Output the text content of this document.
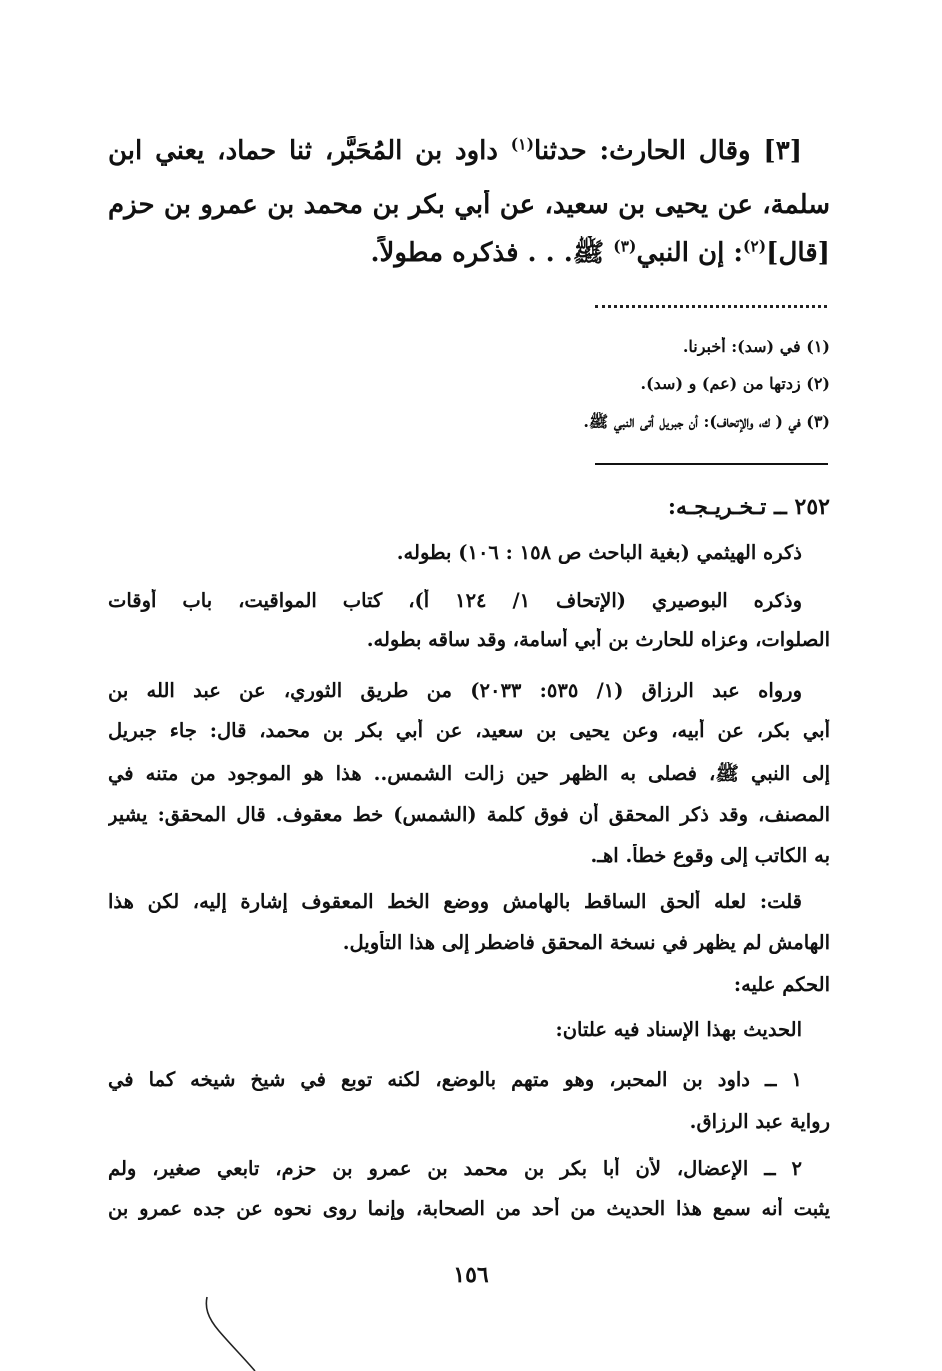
[٣] وقال الحارث: حدثنا$^{(١)}$ داود بن المُحَبَّر، ثنا حماد، يعني ابن

سلمة، عن يحيى بن سعيد، عن أبي بكر بن محمد بن عمرو بن حزم

[قال]$^{(٢)}$: إن النبي$^{(٣)}$ ﷺ. . . فذكره مطولاً.

(١) في (سد): أخبرنا.

(٢) زدتها من (عم) و (سد).

(٣) في ( ك، والإتحاف): أن جبريل أتى النبي ﷺ.

٢٥٢ ــ تـخـريـجـه:

ذكره الهيثمي (بغية الباحث ص ١٥٨ : ١٠٦) بطوله.

وذكره البوصيري (الإتحاف ١/ ١٢٤ أ)، كتاب المواقيت، باب أوقات

الصلوات، وعزاه للحارث بن أبي أسامة، وقد ساقه بطوله.

ورواه عبد الرزاق (١/ ٥٣٥: ٢٠٣٣) من طريق الثوري، عن عبد الله بن

أبي بكر، عن أبيه، وعن يحيى بن سعيد، عن أبي بكر بن محمد، قال: جاء جبريل

إلى النبي ﷺ، فصلى به الظهر حين زالت الشمس.. هذا هو الموجود من متنه في

المصنف، وقد ذكر المحقق أن فوق كلمة (الشمس) خط معقوف. قال المحقق: يشير

به الكاتب إلى وقوع خطأ. اهـ.

قلت: لعله ألحق الساقط بالهامش ووضع الخط المعقوف إشارة إليه، لكن هذا

الهامش لم يظهر في نسخة المحقق فاضطر إلى هذا التأويل.

الحكم عليه:

الحديث بهذا الإسناد فيه علتان:

١ ــ داود بن المحبر، وهو متهم بالوضع، لكنه توبع في شيخ شيخه كما في

رواية عبد الرزاق.

٢ ــ الإعضال، لأن أبا بكر بن محمد بن عمرو بن حزم، تابعي صغير، ولم

يثبت أنه سمع هذا الحديث من أحد من الصحابة، وإنما روى نحوه عن جده عمرو بن

١٥٦
